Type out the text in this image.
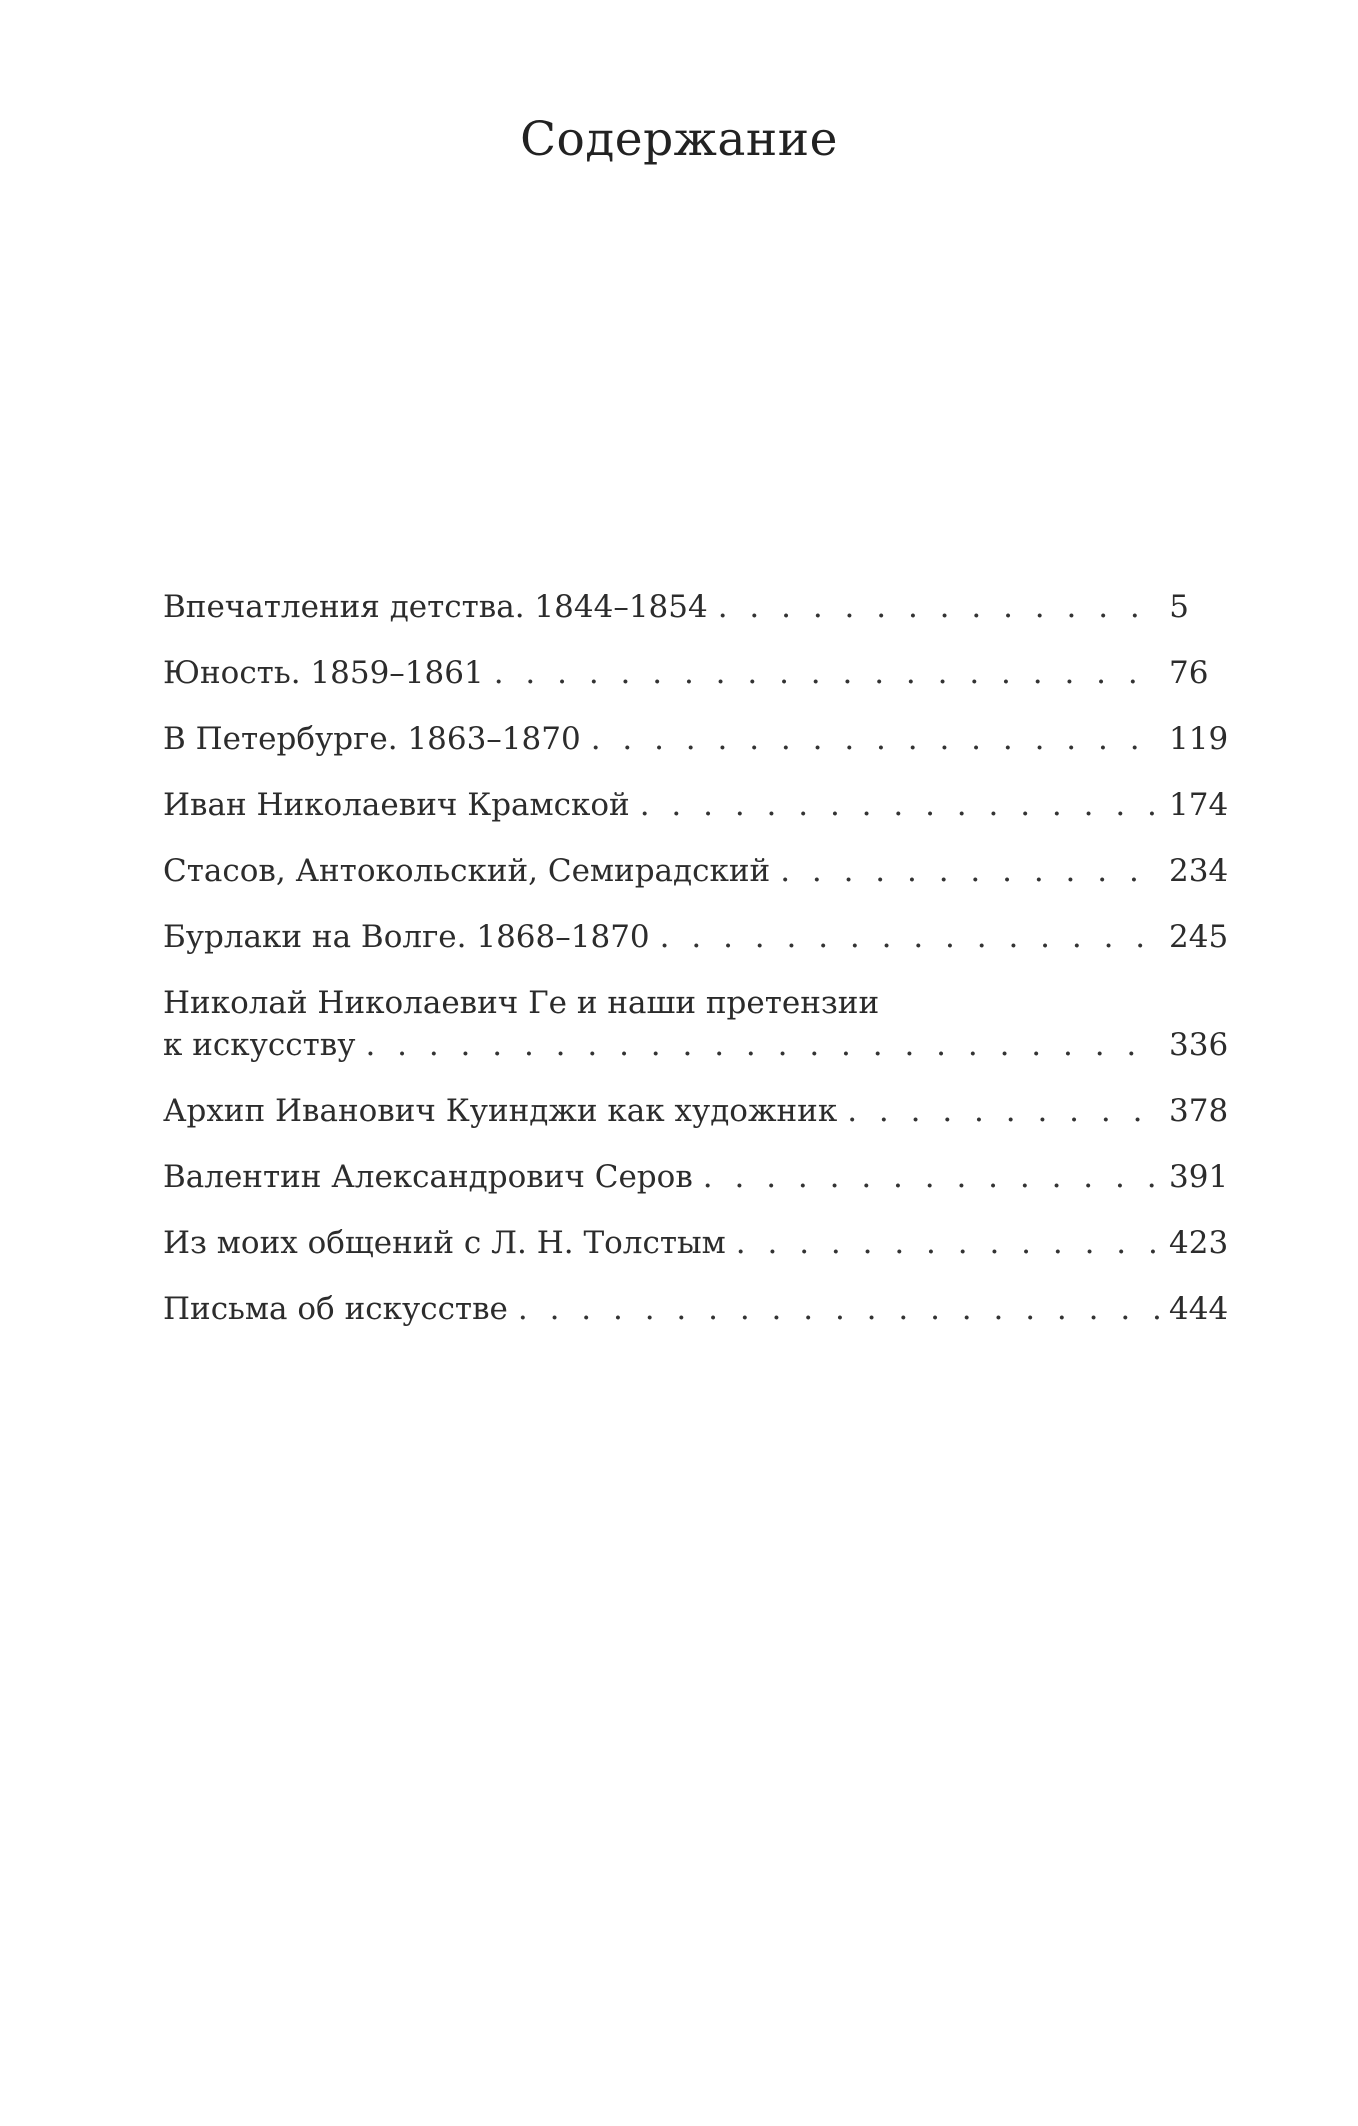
Содержание
Впечатления детства. 1844–1854 . . .	5
Юность. 1859–1861 . . .	76
В Петербурге. 1863–1870 . . .	119
Иван Николаевич Крамской . . .	174
Стасов, Антокольский, Семирадский . . .	234
Бурлаки на Волге. 1868–1870 . . .	245
Николай Николаевич Ге и наши претензии
к искусству . . .	336
Архип Иванович Куинджи как художник . . .	378
Валентин Александрович Серов . . .	391
Из моих общений с Л. Н. Толстым . . .	423
Письма об искусстве . . .	444
